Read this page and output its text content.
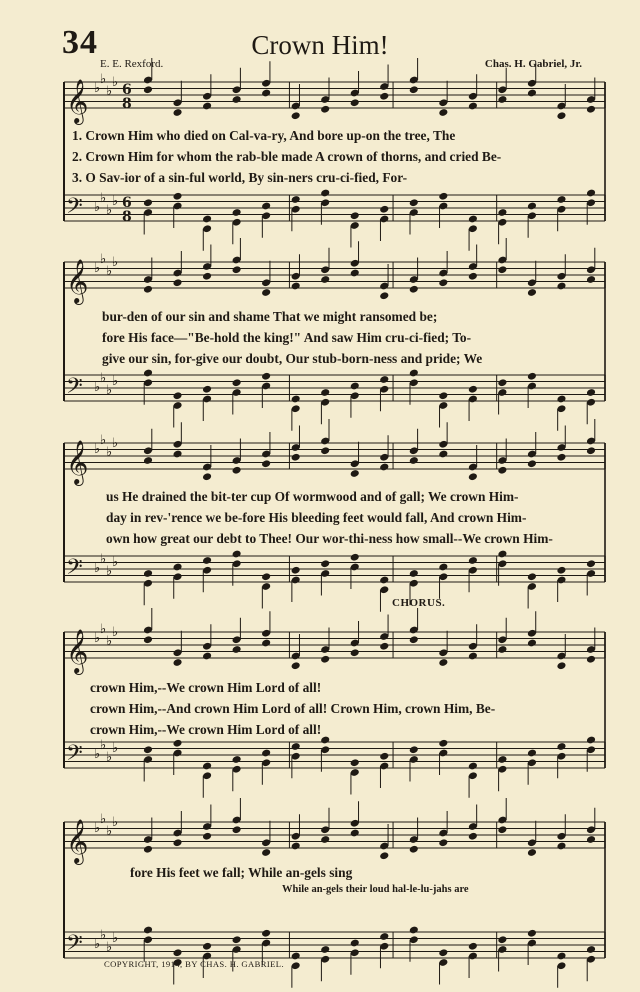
34	Crown Him!
E. E. Rexford.	Chas. H. Gabriel, Jr.
𝄞 ♭
♭
♭
♭ 6
8
𝄢 ♭
♭
♭
♭ 6
8
𝄞 ♭
♭
♭
♭
𝄢 ♭
♭
♭
♭
𝄞 ♭
♭
♭
♭
𝄢 ♭
♭
♭
♭
𝄞 ♭
♭
♭
♭
𝄢 ♭
♭
♭
♭
𝄞 ♭
♭
♭
♭
𝄢 ♭
♭
♭
♭
1. Crown Him who died on Cal-va-ry, And bore up-on the tree, The
2. Crown Him for whom the rab-ble made A crown of thorns, and cried Be-
3. O Sav-ior of a sin-ful world, By sin-ners cru-ci-fied, For-
bur-den of our sin and shame That we might ransomed be;
fore His face—"Be-hold the king!" And saw Him cru-ci-fied; To-
give our sin, for-give our doubt, Our stub-born-ness and pride; We
us He drained the bit-ter cup Of wormwood and of gall; We crown Him-
day in rev-'rence we be-fore His bleeding feet would fall, And crown Him-
own how great our debt to Thee! Our wor-thi-ness how small--We crown Him-
CHORUS.
crown Him,--We crown Him Lord of all!
crown Him,--And crown Him Lord of all! Crown Him, crown Him, Be-
crown Him,--We crown Him Lord of all!
fore His feet we fall; While an-gels sing
While an-gels their loud hal-le-lu-jahs are
COPYRIGHT, 1914, BY CHAS. H. GABRIEL.
